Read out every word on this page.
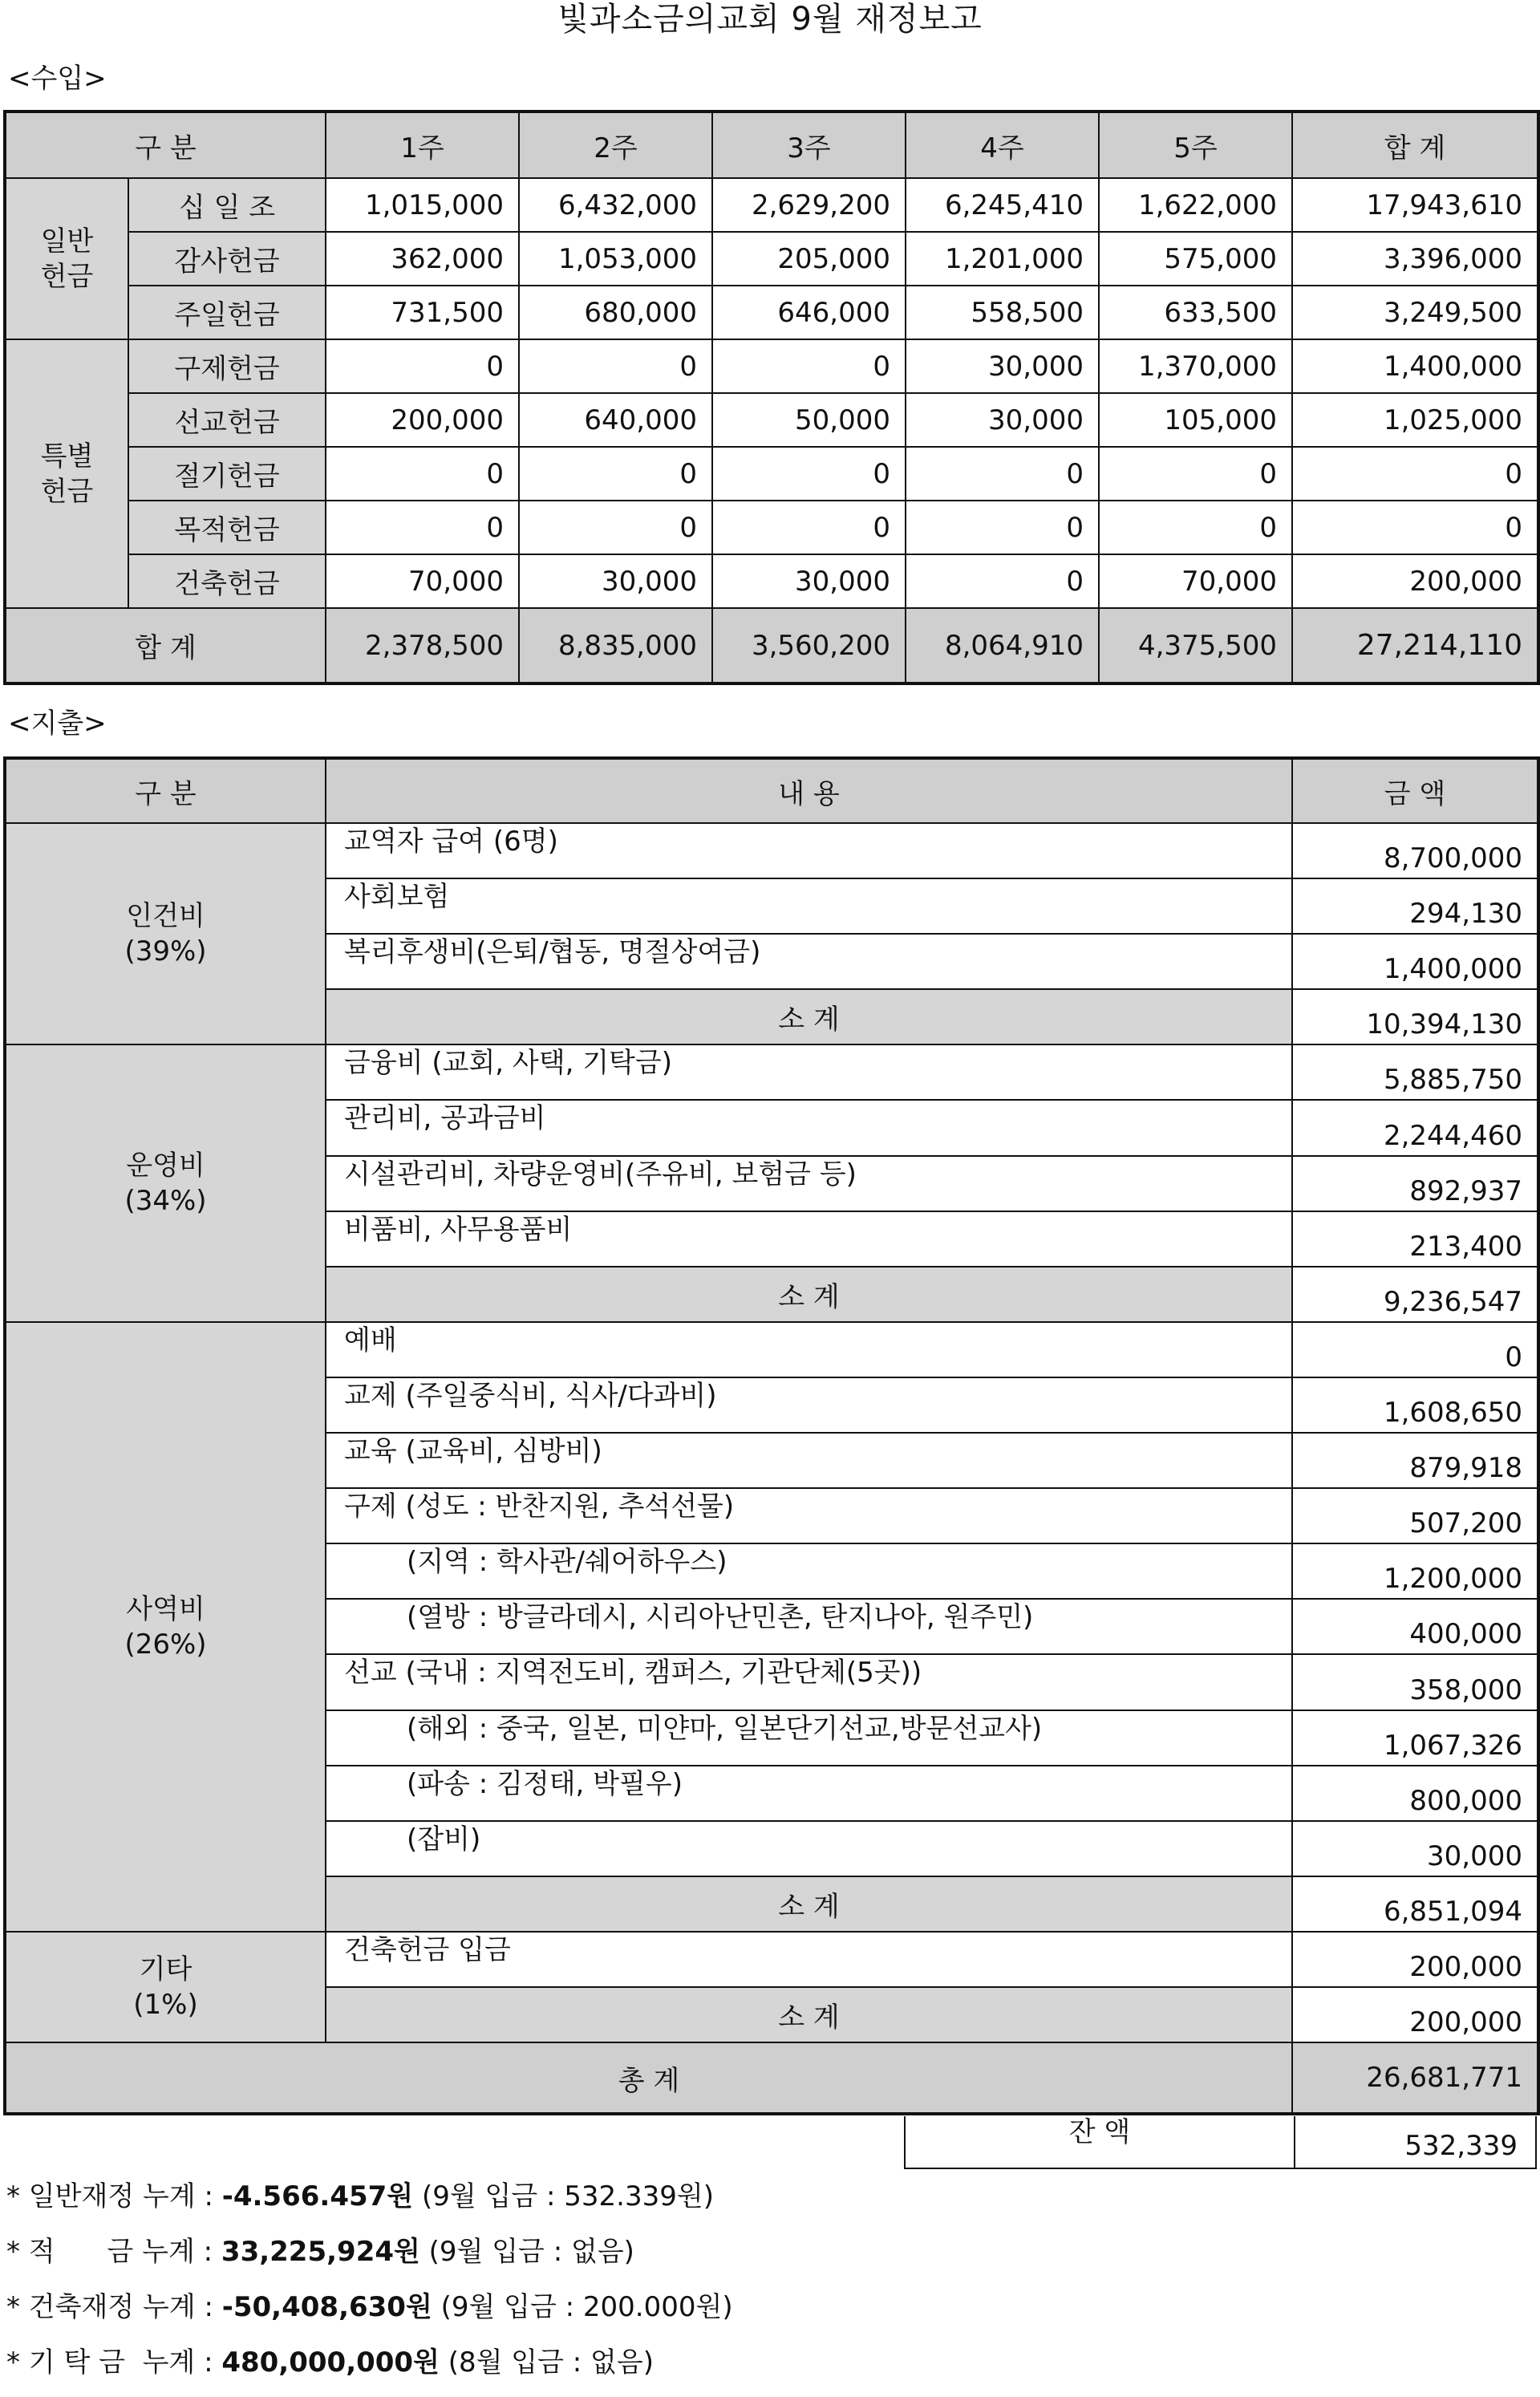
빛과소금의교회 9월 재정보고
<수입>
구 분		1주	2주	3주	4주	5주	합 계
일반
헌금	십 일 조	1,015,000	6,432,000	2,629,200	6,245,410	1,622,000	17,943,610
	감사헌금	362,000	1,053,000	205,000	1,201,000	575,000	3,396,000
	주일헌금	731,500	680,000	646,000	558,500	633,500	3,249,500
특별
헌금	구제헌금	0	0	0	30,000	1,370,000	1,400,000
	선교헌금	200,000	640,000	50,000	30,000	105,000	1,025,000
	절기헌금	0	0	0	0	0	0
	목적헌금	0	0	0	0	0	0
	건축헌금	70,000	30,000	30,000	0	70,000	200,000
합 계		2,378,500	8,835,000	3,560,200	8,064,910	4,375,500	27,214,110
<지출>
구 분	내 용	금 액
인건비
(39%)	교역자 급여 (6명)	8,700,000
	사회보험	294,130
	복리후생비(은퇴/협동, 명절상여금)	1,400,000
	소 계	10,394,130
운영비
(34%)	금융비 (교회, 사택, 기탁금)	5,885,750
	관리비, 공과금비	2,244,460
	시설관리비, 차량운영비(주유비, 보험금 등)	892,937
	비품비, 사무용품비	213,400
	소 계	9,236,547
사역비
(26%)	예배	0
	교제 (주일중식비, 식사/다과비)	1,608,650
	교육 (교육비, 심방비)	879,918
	구제 (성도 : 반찬지원, 추석선물)	507,200
	(지역 : 학사관/쉐어하우스)	1,200,000
	(열방 : 방글라데시, 시리아난민촌, 탄지나아, 원주민)	400,000
	선교 (국내 : 지역전도비, 캠퍼스, 기관단체(5곳))	358,000
	(해외 : 중국, 일본, 미얀마, 일본단기선교,방문선교사)	1,067,326
	(파송 : 김정태, 박필우)	800,000
	(잡비)	30,000
	소 계	6,851,094
기타
(1%)	건축헌금 입금	200,000
	소 계	200,000
총 계		26,681,771
잔 액	532,339
* 일반재정 누계 : -4.566.457원 (9월 입금 : 532.339원)
* 적      금 누계 : 33,225,924원 (9월 입금 : 없음)
* 건축재정 누계 : -50,408,630원 (9월 입금 : 200.000원)
* 기 탁 금  누계 : 480,000,000원 (8월 입금 : 없음)
